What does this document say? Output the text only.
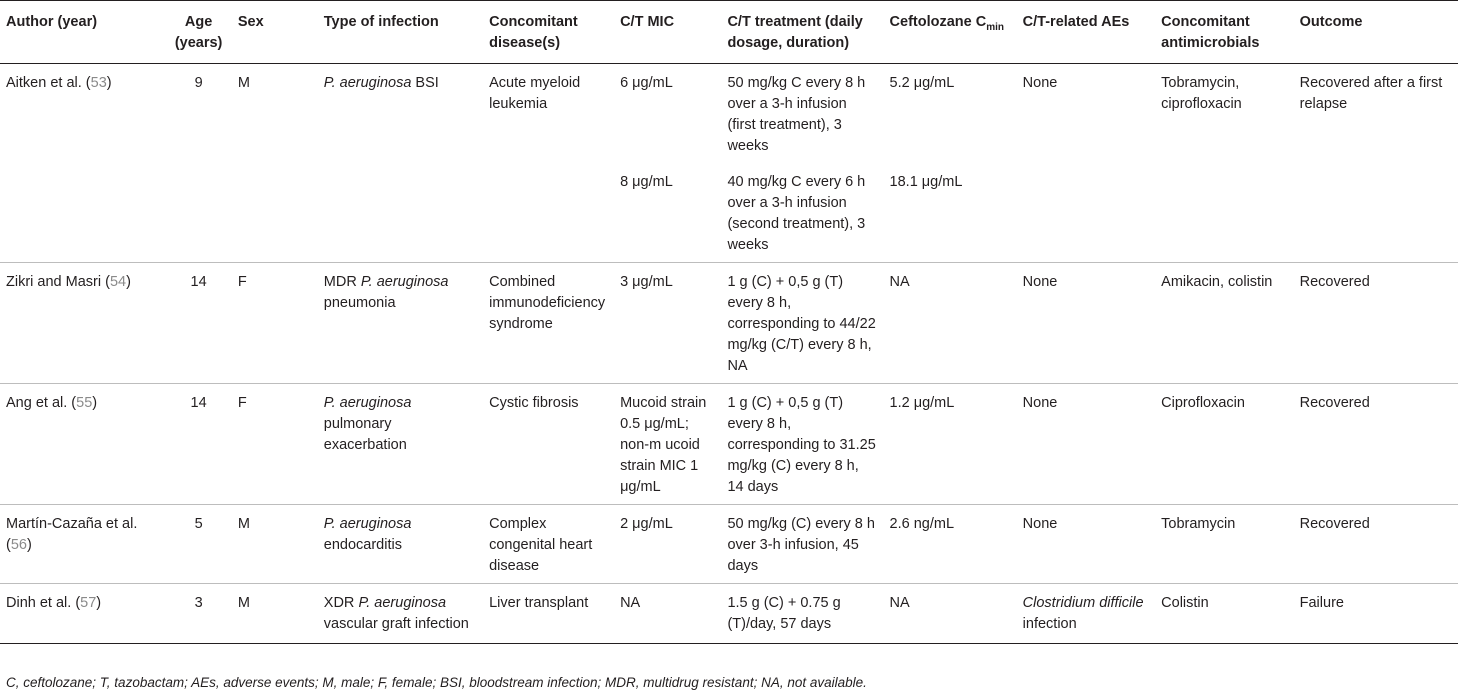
Author (year)	Age (years)	Sex	Type of infection	Concomitant disease(s)	C/T MIC	C/T treatment (daily dosage, duration)	Ceftolozane $C_{min}$	C/T-related AEs	Concomitant antimicrobials	Outcome
Aitken et al. (53)	9	M	P. aeruginosa BSI	Acute myeloid leukemia	6 μg/mL	50 mg/kg C every 8 h over a 3-h infusion (first treatment), 3 weeks	5.2 μg/mL	None	Tobramycin, ciprofloxacin	Recovered after a first relapse
					8 μg/mL	40 mg/kg C every 6 h over a 3-h infusion (second treatment), 3 weeks	18.1 μg/mL			
Zikri and Masri (54)	14	F	MDR P. aeruginosa pneumonia	Combined immunodeficiency syndrome	3 μg/mL	1 g (C) + 0,5 g (T) every 8 h, corresponding to 44/22 mg/kg (C/T) every 8 h, NA	NA	None	Amikacin, colistin	Recovered
Ang et al. (55)	14	F	P. aeruginosa pulmonary exacerbation	Cystic fibrosis	Mucoid strain 0.5 μg/mL; non-m ucoid strain MIC 1 μg/mL	1 g (C) + 0,5 g (T) every 8 h, corresponding to 31.25 mg/kg (C) every 8 h, 14 days	1.2 μg/mL	None	Ciprofloxacin	Recovered
Martín-Cazaña et al. (56)	5	M	P. aeruginosa endocarditis	Complex congenital heart disease	2 μg/mL	50 mg/kg (C) every 8 h over 3-h infusion, 45 days	2.6 ng/mL	None	Tobramycin	Recovered
Dinh et al. (57)	3	M	XDR P. aeruginosa vascular graft infection	Liver transplant	NA	1.5 g (C) + 0.75 g (T)/day, 57 days	NA	Clostridium difficile infection	Colistin	Failure
C, ceftolozane; T, tazobactam; AEs, adverse events; M, male; F, female; BSI, bloodstream infection; MDR, multidrug resistant; NA, not available.
